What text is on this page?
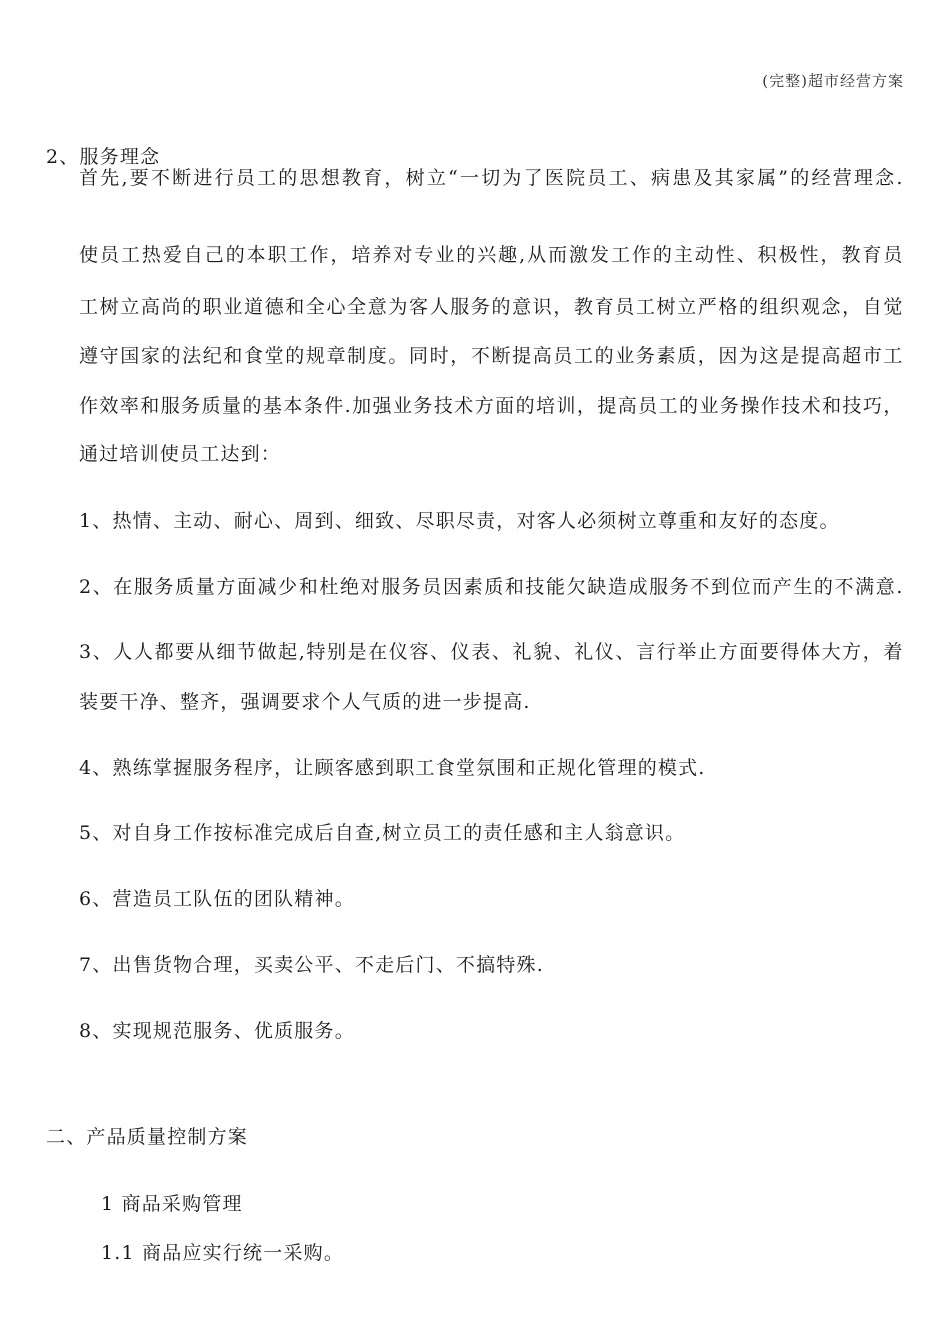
(完整)超市经营方案
2、服务理念
首先,要不断进行员工的思想教育，树立“一切为了医院员工、病患及其家属”的经营理念.
使员工热爱自己的本职工作，培养对专业的兴趣,从而激发工作的主动性、积极性，教育员
工树立高尚的职业道德和全心全意为客人服务的意识，教育员工树立严格的组织观念，自觉
遵守国家的法纪和食堂的规章制度。同时，不断提高员工的业务素质，因为这是提高超市工
作效率和服务质量的基本条件.加强业务技术方面的培训，提高员工的业务操作技术和技巧，
通过培训使员工达到：
1、热情、主动、耐心、周到、细致、尽职尽责，对客人必须树立尊重和友好的态度。
2、在服务质量方面减少和杜绝对服务员因素质和技能欠缺造成服务不到位而产生的不满意.
3、人人都要从细节做起,特别是在仪容、仪表、礼貌、礼仪、言行举止方面要得体大方，着
装要干净、整齐，强调要求个人气质的进一步提高.
4、熟练掌握服务程序，让顾客感到职工食堂氛围和正规化管理的模式.
5、对自身工作按标准完成后自查,树立员工的责任感和主人翁意识。
6、营造员工队伍的团队精神。
7、出售货物合理，买卖公平、不走后门、不搞特殊.
8、实现规范服务、优质服务。
二、产品质量控制方案
1 商品采购管理
1.1 商品应实行统一采购。
